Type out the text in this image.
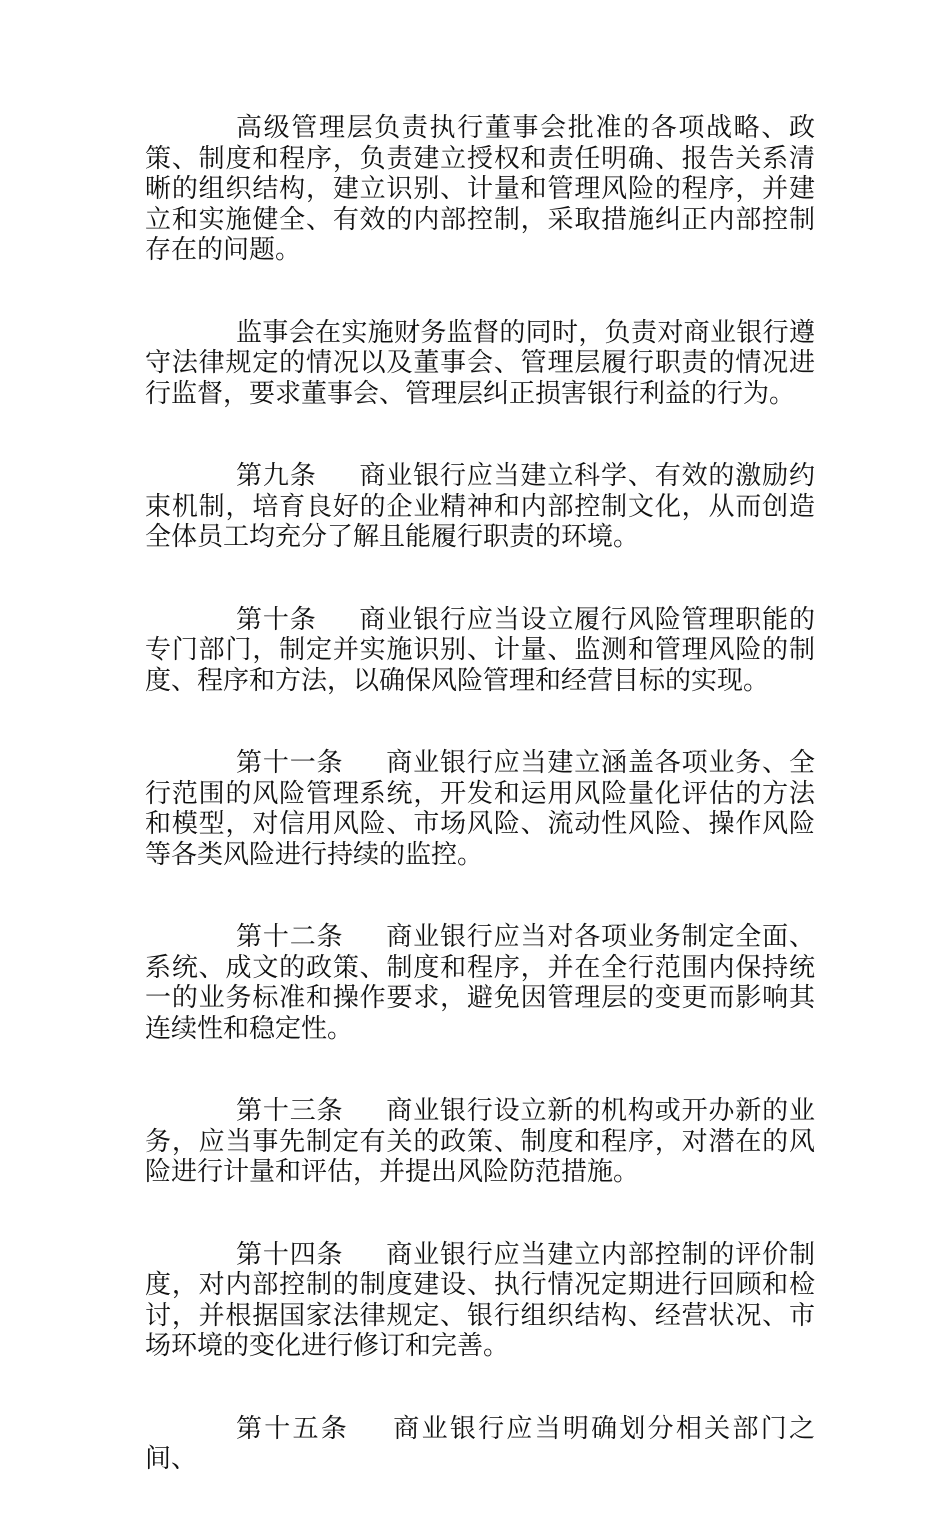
高级管理层负责执行董事会批准的各项战略、政策、制度和程序，负责建立授权和责任明确、报告关系清晰的组织结构，建立识别、计量和管理风险的程序，并建立和实施健全、有效的内部控制，采取措施纠正内部控制存在的问题。

监事会在实施财务监督的同时，负责对商业银行遵守法律规定的情况以及董事会、管理层履行职责的情况进行监督，要求董事会、管理层纠正损害银行利益的行为。

第九条 商业银行应当建立科学、有效的激励约束机制，培育良好的企业精神和内部控制文化，从而创造全体员工均充分了解且能履行职责的环境。

第十条 商业银行应当设立履行风险管理职能的专门部门，制定并实施识别、计量、监测和管理风险的制度、程序和方法，以确保风险管理和经营目标的实现。

第十一条 商业银行应当建立涵盖各项业务、全行范围的风险管理系统，开发和运用风险量化评估的方法和模型，对信用风险、市场风险、流动性风险、操作风险等各类风险进行持续的监控。

第十二条 商业银行应当对各项业务制定全面、系统、成文的政策、制度和程序，并在全行范围内保持统一的业务标准和操作要求，避免因管理层的变更而影响其连续性和稳定性。

第十三条 商业银行设立新的机构或开办新的业务，应当事先制定有关的政策、制度和程序，对潜在的风险进行计量和评估，并提出风险防范措施。

第十四条 商业银行应当建立内部控制的评价制度，对内部控制的制度建设、执行情况定期进行回顾和检讨，并根据国家法律规定、银行组织结构、经营状况、市场环境的变化进行修订和完善。

第十五条 商业银行应当明确划分相关部门之间、
